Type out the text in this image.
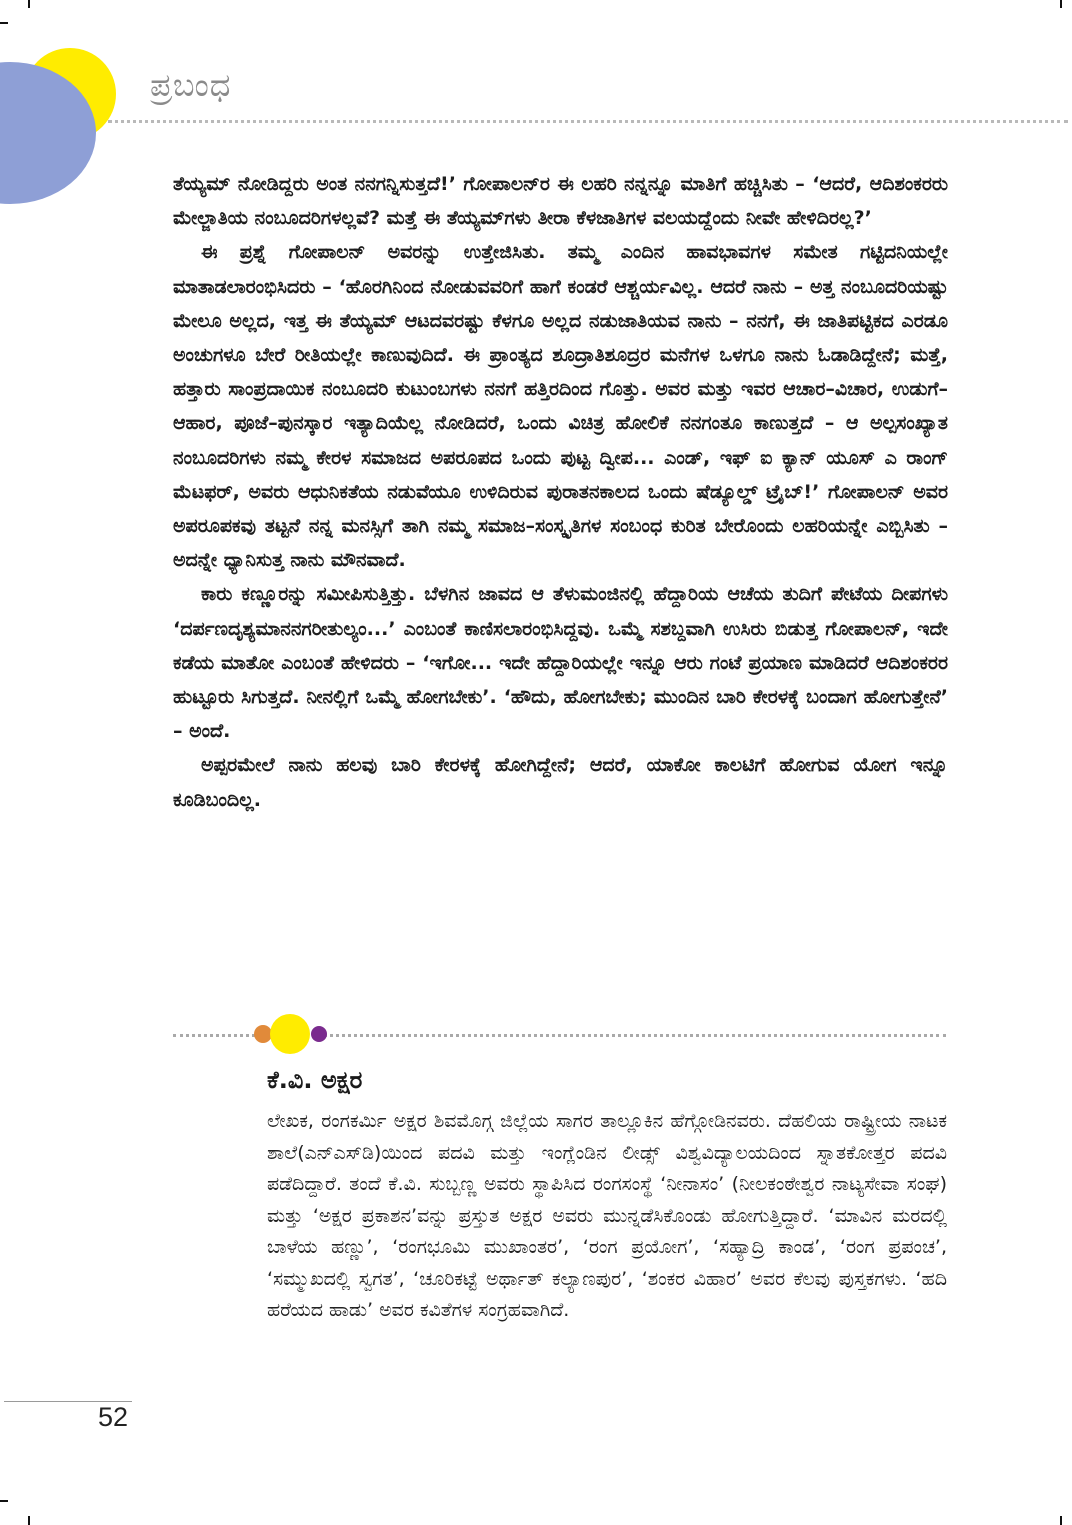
ಪ್ರಬಂಧ

ತೆಯ್ಯಮ್ ನೋಡಿದ್ದರು ಅಂತ ನನಗನ್ನಿಸುತ್ತದೆ!’ ಗೋಪಾಲನ್‌ರ ಈ ಲಹರಿ ನನ್ನನ್ನೂ ಮಾತಿಗೆ ಹಚ್ಚಿಸಿತು – ‘ಆದರೆ, ಆದಿಶಂಕರರು ಮೇಲ್ಜಾತಿಯ ನಂಬೂದರಿಗಳಲ್ಲವೆ? ಮತ್ತೆ ಈ ತೆಯ್ಯಮ್‌ಗಳು ತೀರಾ ಕೆಳಜಾತಿಗಳ ವಲಯದ್ದೆಂದು ನೀವೇ ಹೇಳಿದಿರಲ್ಲ?’

ಈ ಪ್ರಶ್ನೆ ಗೋಪಾಲನ್ ಅವರನ್ನು ಉತ್ತೇಜಿಸಿತು. ತಮ್ಮ ಎಂದಿನ ಹಾವಭಾವಗಳ ಸಮೇತ ಗಟ್ಟಿದನಿಯಲ್ಲೇ ಮಾತಾಡಲಾರಂಭಿಸಿದರು – ‘ಹೊರಗಿನಿಂದ ನೋಡುವವರಿಗೆ ಹಾಗೆ ಕಂಡರೆ ಆಶ್ಚರ್ಯವಿಲ್ಲ. ಆದರೆ ನಾನು – ಅತ್ತ ನಂಬೂದರಿಯಷ್ಟು ಮೇಲೂ ಅಲ್ಲದ, ಇತ್ತ ಈ ತೆಯ್ಯಮ್ ಆಟದವರಷ್ಟು ಕೆಳಗೂ ಅಲ್ಲದ ನಡುಜಾತಿಯವ ನಾನು – ನನಗೆ, ಈ ಜಾತಿಪಟ್ಟಿಕದ ಎರಡೂ ಅಂಚುಗಳೂ ಬೇರೆ ರೀತಿಯಲ್ಲೇ ಕಾಣುವುದಿದೆ. ಈ ಪ್ರಾಂತ್ಯದ ಶೂದ್ರಾತಿಶೂದ್ರರ ಮನೆಗಳ ಒಳಗೂ ನಾನು ಓಡಾಡಿದ್ದೇನೆ; ಮತ್ತೆ, ಹತ್ತಾರು ಸಾಂಪ್ರದಾಯಿಕ ನಂಬೂದರಿ ಕುಟುಂಬಗಳು ನನಗೆ ಹತ್ತಿರದಿಂದ ಗೊತ್ತು. ಅವರ ಮತ್ತು ಇವರ ಆಚಾರ–ವಿಚಾರ, ಉಡುಗೆ–ಆಹಾರ, ಪೂಜೆ–ಪುನಸ್ಕಾರ ಇತ್ಯಾದಿಯೆಲ್ಲ ನೋಡಿದರೆ, ಒಂದು ವಿಚಿತ್ರ ಹೋಲಿಕೆ ನನಗಂತೂ ಕಾಣುತ್ತದೆ – ಆ ಅಲ್ಪಸಂಖ್ಯಾತ ನಂಬೂದರಿಗಳು ನಮ್ಮ ಕೇರಳ ಸಮಾಜದ ಅಪರೂಪದ ಒಂದು ಪುಟ್ಟ ದ್ವೀಪ... ಎಂಡ್, ಇಫ್ ಐ ಕ್ಯಾನ್ ಯೂಸ್ ಎ ರಾಂಗ್ ಮೆಟಫರ್, ಅವರು ಆಧುನಿಕತೆಯ ನಡುವೆಯೂ ಉಳಿದಿರುವ ಪುರಾತನಕಾಲದ ಒಂದು ಷೆಡ್ಯೂಲ್ಡ್ ಟ್ರೈಬ್!’ ಗೋಪಾಲನ್ ಅವರ ಅಪರೂಪಕವು ತಟ್ಟನೆ ನನ್ನ ಮನಸ್ಸಿಗೆ ತಾಗಿ ನಮ್ಮ ಸಮಾಜ–ಸಂಸ್ಕೃತಿಗಳ ಸಂಬಂಧ ಕುರಿತ ಬೇರೊಂದು ಲಹರಿಯನ್ನೇ ಎಬ್ಬಿಸಿತು – ಅದನ್ನೇ ಧ್ಯಾನಿಸುತ್ತ ನಾನು ಮೌನವಾದೆ.

ಕಾರು ಕಣ್ಣೂರನ್ನು ಸಮೀಪಿಸುತ್ತಿತ್ತು. ಬೆಳಗಿನ ಜಾವದ ಆ ತೆಳುಮಂಜಿನಲ್ಲಿ ಹೆದ್ದಾರಿಯ ಆಚೆಯ ತುದಿಗೆ ಪೇಟೆಯ ದೀಪಗಳು ‘ದರ್ಪಣದೃಶ್ಯಮಾನನಗರೀತುಲ್ಯಂ...’ ಎಂಬಂತೆ ಕಾಣಿಸಲಾರಂಭಿಸಿದ್ದವು. ಒಮ್ಮೆ ಸಶಬ್ದವಾಗಿ ಉಸಿರು ಬಿಡುತ್ತ ಗೋಪಾಲನ್, ಇದೇ ಕಡೆಯ ಮಾತೋ ಎಂಬಂತೆ ಹೇಳಿದರು – ‘ಇಗೋ... ಇದೇ ಹೆದ್ದಾರಿಯಲ್ಲೇ ಇನ್ನೂ ಆರು ಗಂಟೆ ಪ್ರಯಾಣ ಮಾಡಿದರೆ ಆದಿಶಂಕರರ ಹುಟ್ಟೂರು ಸಿಗುತ್ತದೆ. ನೀನಲ್ಲಿಗೆ ಒಮ್ಮೆ ಹೋಗಬೇಕು’. ‘ಹೌದು, ಹೋಗಬೇಕು; ಮುಂದಿನ ಬಾರಿ ಕೇರಳಕ್ಕೆ ಬಂದಾಗ ಹೋಗುತ್ತೇನೆ’ – ಅಂದೆ.

ಅಪ್ಪರಮೇಲೆ ನಾನು ಹಲವು ಬಾರಿ ಕೇರಳಕ್ಕೆ ಹೋಗಿದ್ದೇನೆ; ಆದರೆ, ಯಾಕೋ ಕಾಲಟಿಗೆ ಹೋಗುವ ಯೋಗ ಇನ್ನೂ ಕೂಡಿಬಂದಿಲ್ಲ.

ಕೆ.ವಿ. ಅಕ್ಷರ
ಲೇಖಕ, ರಂಗಕರ್ಮಿ ಅಕ್ಷರ ಶಿವಮೊಗ್ಗ ಜಿಲ್ಲೆಯ ಸಾಗರ ತಾಲ್ಲೂಕಿನ ಹೆಗ್ಗೋಡಿನವರು. ದೆಹಲಿಯ ರಾಷ್ಟ್ರೀಯ ನಾಟಕ ಶಾಲೆ(ಎನ್ಎಸ್‌ಡಿ)ಯಿಂದ ಪದವಿ ಮತ್ತು ಇಂಗ್ಲೆಂಡಿನ ಲೀಡ್ಸ್ ವಿಶ್ವವಿದ್ಯಾಲಯದಿಂದ ಸ್ನಾತಕೋತ್ತರ ಪದವಿ ಪಡೆದಿದ್ದಾರೆ. ತಂದೆ ಕೆ.ವಿ. ಸುಬ್ಬಣ್ಣ ಅವರು ಸ್ಥಾಪಿಸಿದ ರಂಗಸಂಸ್ಥೆ ‘ನೀನಾಸಂ’ (ನೀಲಕಂಠೇಶ್ವರ ನಾಟ್ಯಸೇವಾ ಸಂಘ) ಮತ್ತು ‘ಅಕ್ಷರ ಪ್ರಕಾಶನ’ವನ್ನು ಪ್ರಸ್ತುತ ಅಕ್ಷರ ಅವರು ಮುನ್ನಡೆಸಿಕೊಂಡು ಹೋಗುತ್ತಿದ್ದಾರೆ. ‘ಮಾವಿನ ಮರದಲ್ಲಿ ಬಾಳೆಯ ಹಣ್ಣು’, ‘ರಂಗಭೂಮಿ ಮುಖಾಂತರ’, ‘ರಂಗ ಪ್ರಯೋಗ’, ‘ಸಹ್ಯಾದ್ರಿ ಕಾಂಡ’, ‘ರಂಗ ಪ್ರಪಂಚ’, ‘ಸಮ್ಮುಖದಲ್ಲಿ ಸ್ವಗತ’, ‘ಚೂರಿಕಟ್ಟೆ ಅರ್ಥಾತ್ ಕಲ್ಯಾಣಪುರ’, ‘ಶಂಕರ ವಿಹಾರ’ ಅವರ ಕೆಲವು ಪುಸ್ತಕಗಳು. ‘ಹದಿ ಹರೆಯದ ಹಾಡು’ ಅವರ ಕವಿತೆಗಳ ಸಂಗ್ರಹವಾಗಿದೆ.
52
